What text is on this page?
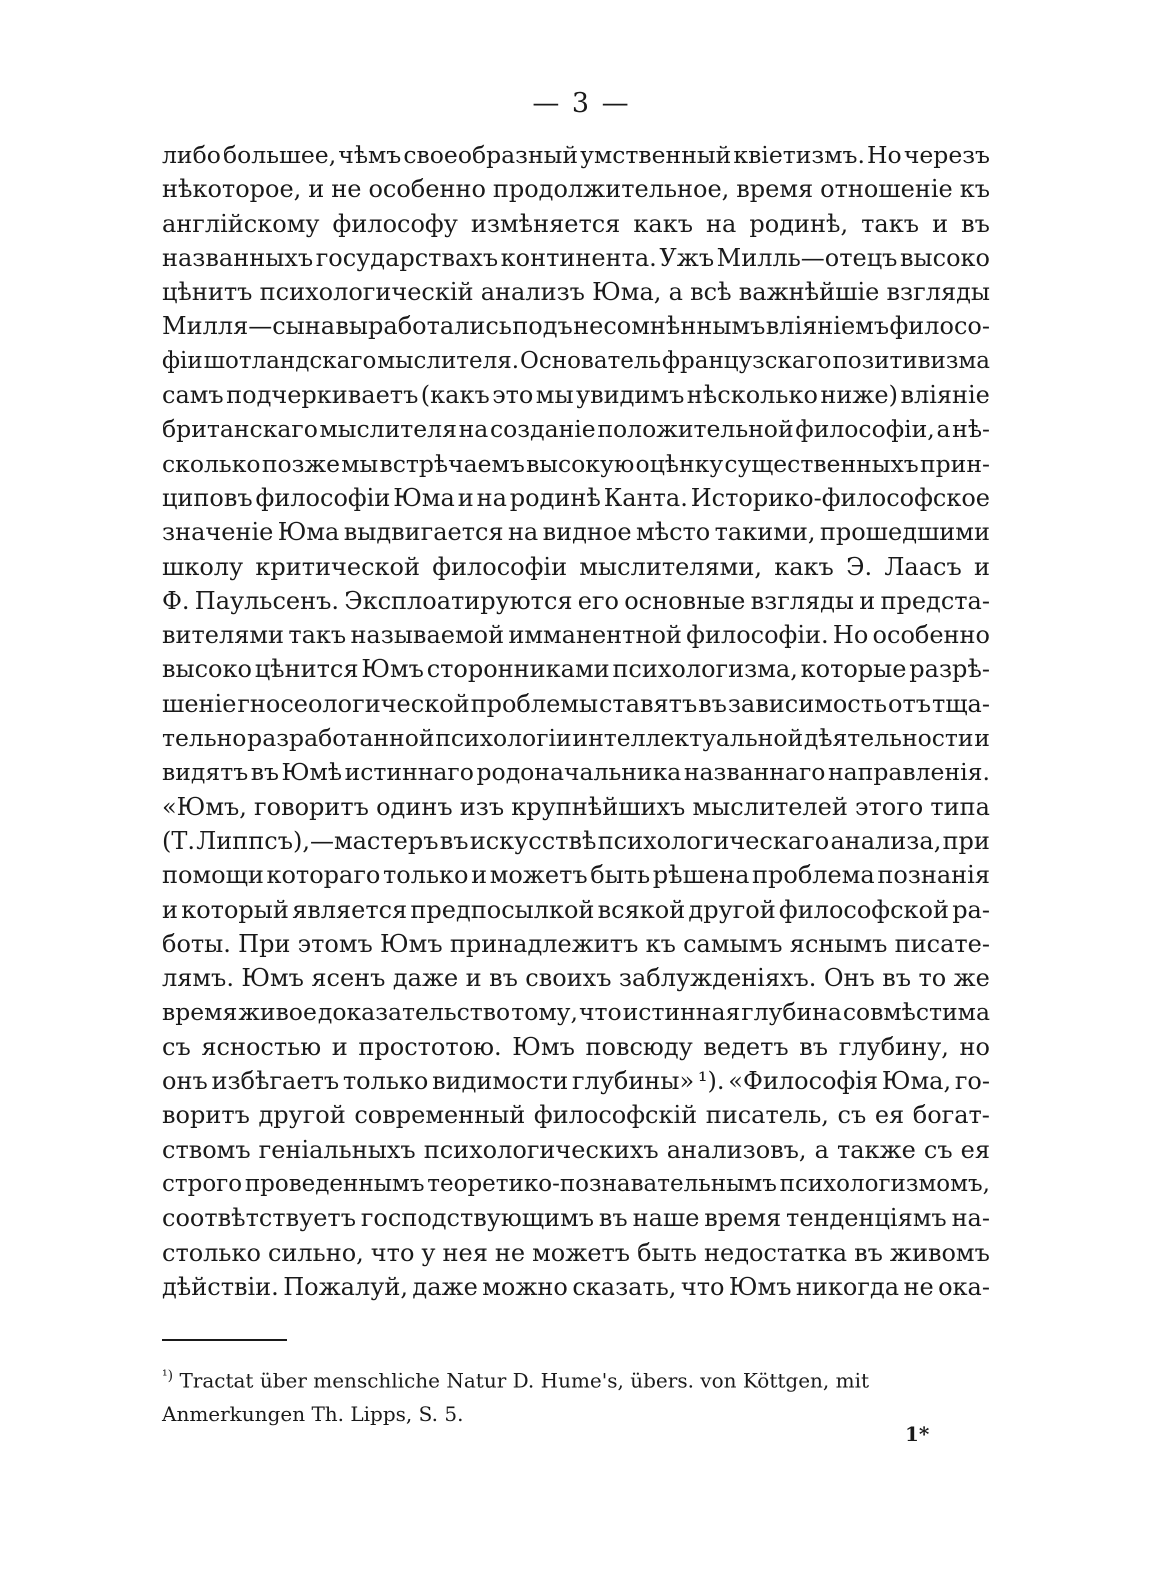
— 3 —
либо большее, чѣмъ своеобразный умственный квіетизмъ. Но черезъ
нѣкоторое, и не особенно продолжительное, время отношеніе къ
англійскому философу измѣняется какъ на родинѣ, такъ и въ
названныхъ государствахъ континента. Ужъ Милль—отецъ высоко
цѣнитъ психологическій анализъ Юма, а всѣ важнѣйшіе взгляды
Милля—сына выработались подъ несомнѣннымъ вліяніемъ филосо-
фіи шотландскаго мыслителя. Основатель французскаго позитивизма
самъ подчеркиваетъ (какъ это мы увидимъ нѣсколько ниже) вліяніе
британскаго мыслителя на созданіе положительной философіи, а нѣ-
сколько позже мы встрѣчаемъ высокую оцѣнку существенныхъ прин-
циповъ философіи Юма и на родинѣ Канта. Историко-философское
значеніе Юма выдвигается на видное мѣсто такими, прошедшими
школу критической философіи мыслителями, какъ Э. Лаасъ и
Ф. Паульсенъ. Эксплоатируются его основные взгляды и предста-
вителями такъ называемой имманентной философіи. Но особенно
высоко цѣнится Юмъ сторонниками психологизма, которые разрѣ-
шеніе гносеологической проблемы ставятъ въ зависимость отъ тща-
тельно разработанной психологіи интеллектуальной дѣятельности и
видятъ въ Юмѣ истиннаго родоначальника названнаго направленія.
«Юмъ, говоритъ одинъ изъ крупнѣйшихъ мыслителей этого типа
(Т. Липпсъ),—мастеръ въ искусствѣ психологическаго анализа, при
помощи котораго только и можетъ быть рѣшена проблема познанія
и который является предпосылкой всякой другой философской ра-
боты. При этомъ Юмъ принадлежитъ къ самымъ яснымъ писате-
лямъ. Юмъ ясенъ даже и въ своихъ заблужденіяхъ. Онъ въ то же
время живое доказательство тому, что истинная глубина совмѣстима
съ ясностью и простотою. Юмъ повсюду ведетъ въ глубину, но
онъ избѣгаетъ только видимости глубины» ¹). «Философія Юма, го-
воритъ другой современный философскій писатель, съ ея богат-
ствомъ геніальныхъ психологическихъ анализовъ, а также съ ея
строго проведеннымъ теоретико-познавательнымъ психологизмомъ,
соотвѣтствуетъ господствующимъ въ наше время тенденціямъ на-
столько сильно, что у нея не можетъ быть недостатка въ живомъ
дѣйствіи. Пожалуй, даже можно сказать, что Юмъ никогда не ока-
$^{^1)}$ Tractat über menschliche Natur D. Hume's, übers. von Köttgen, mit
Anmerkungen Th. Lipps, S. 5.
1*
